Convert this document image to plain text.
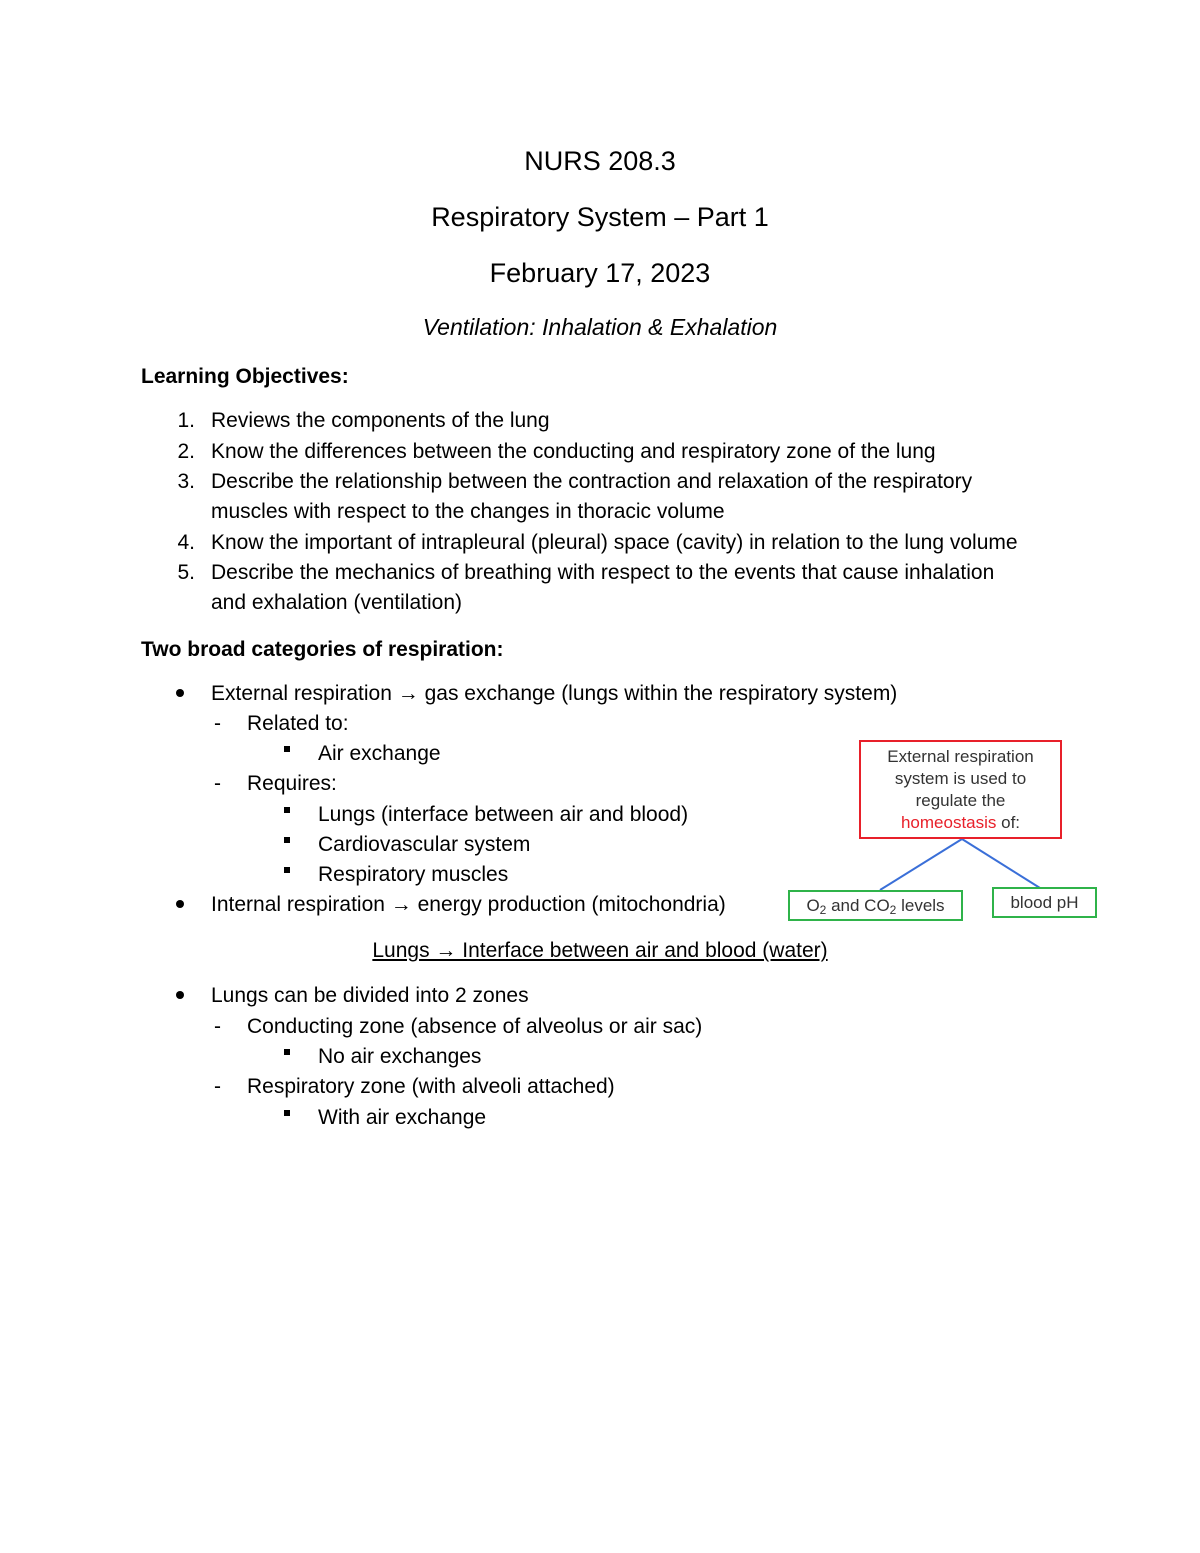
NURS 208.3
Respiratory System – Part 1
February 17, 2023
Ventilation: Inhalation & Exhalation
Learning Objectives:
1. Reviews the components of the lung
2. Know the differences between the conducting and respiratory zone of the lung
3. Describe the relationship between the contraction and relaxation of the respiratory
muscles with respect to the changes in thoracic volume
4. Know the important of intrapleural (pleural) space (cavity) in relation to the lung volume
5. Describe the mechanics of breathing with respect to the events that cause inhalation
and exhalation (ventilation)
Two broad categories of respiration:
External respiration → gas exchange (lungs within the respiratory system)
- Related to:
Air exchange
- Requires:
Lungs (interface between air and blood)
Cardiovascular system
Respiratory muscles
Internal respiration → energy production (mitochondria)
External respiration
system is used to
regulate the
homeostasis of:
$O_2$ and $CO_2$ levels	blood pH
Lungs → Interface between air and blood (water)
Lungs can be divided into 2 zones
- Conducting zone (absence of alveolus or air sac)
No air exchanges
- Respiratory zone (with alveoli attached)
With air exchange
